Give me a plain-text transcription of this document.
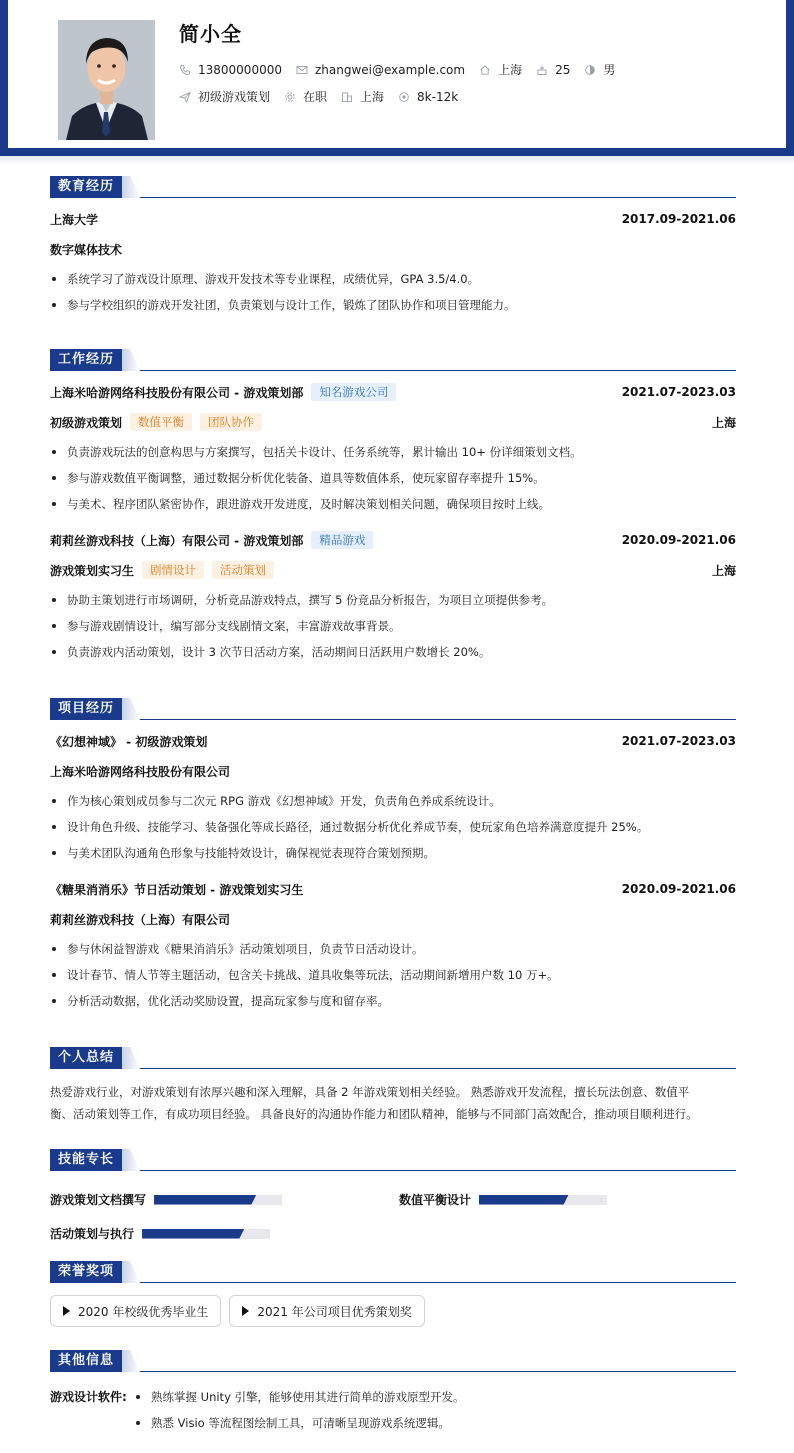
简小全
13800000000	zhangwei@example.com	上海	25	男
初级游戏策划	在职	上海	8k-12k
教育经历
上海大学	2017.09-2021.06
数字媒体技术
系统学习了游戏设计原理、游戏开发技术等专业课程，成绩优异，GPA 3.5/4.0。
参与学校组织的游戏开发社团，负责策划与设计工作，锻炼了团队协作和项目管理能力。
工作经历
上海米哈游网络科技股份有限公司 - 游戏策划部	知名游戏公司	2021.07-2023.03
初级游戏策划	数值平衡	团队协作	上海
负责游戏玩法的创意构思与方案撰写，包括关卡设计、任务系统等，累计输出 10+ 份详细策划文档。
参与游戏数值平衡调整，通过数据分析优化装备、道具等数值体系，使玩家留存率提升 15%。
与美术、程序团队紧密协作，跟进游戏开发进度，及时解决策划相关问题，确保项目按时上线。
莉莉丝游戏科技（上海）有限公司 - 游戏策划部	精品游戏	2020.09-2021.06
游戏策划实习生	剧情设计	活动策划	上海
协助主策划进行市场调研，分析竞品游戏特点，撰写 5 份竞品分析报告，为项目立项提供参考。
参与游戏剧情设计，编写部分支线剧情文案，丰富游戏故事背景。
负责游戏内活动策划，设计 3 次节日活动方案，活动期间日活跃用户数增长 20%。
项目经历
《幻想神域》 - 初级游戏策划	2021.07-2023.03
上海米哈游网络科技股份有限公司
作为核心策划成员参与二次元 RPG 游戏《幻想神域》开发，负责角色养成系统设计。
设计角色升级、技能学习、装备强化等成长路径，通过数据分析优化养成节奏，使玩家角色培养满意度提升 25%。
与美术团队沟通角色形象与技能特效设计，确保视觉表现符合策划预期。
《糖果消消乐》节日活动策划 - 游戏策划实习生	2020.09-2021.06
莉莉丝游戏科技（上海）有限公司
参与休闲益智游戏《糖果消消乐》活动策划项目，负责节日活动设计。
设计春节、情人节等主题活动，包含关卡挑战、道具收集等玩法，活动期间新增用户数 10 万+。
分析活动数据，优化活动奖励设置，提高玩家参与度和留存率。
个人总结
热爱游戏行业，对游戏策划有浓厚兴趣和深入理解，具备 2 年游戏策划相关经验。 熟悉游戏开发流程，擅长玩法创意、数值平
衡、活动策划等工作，有成功项目经验。 具备良好的沟通协作能力和团队精神，能够与不同部门高效配合，推动项目顺利进行。
技能专长
游戏策划文档撰写	数值平衡设计
活动策划与执行
荣誉奖项
2020 年校级优秀毕业生	2021 年公司项目优秀策划奖
其他信息
游戏设计软件:	熟练掌握 Unity 引擎，能够使用其进行简单的游戏原型开发。
熟悉 Visio 等流程图绘制工具，可清晰呈现游戏系统逻辑。
